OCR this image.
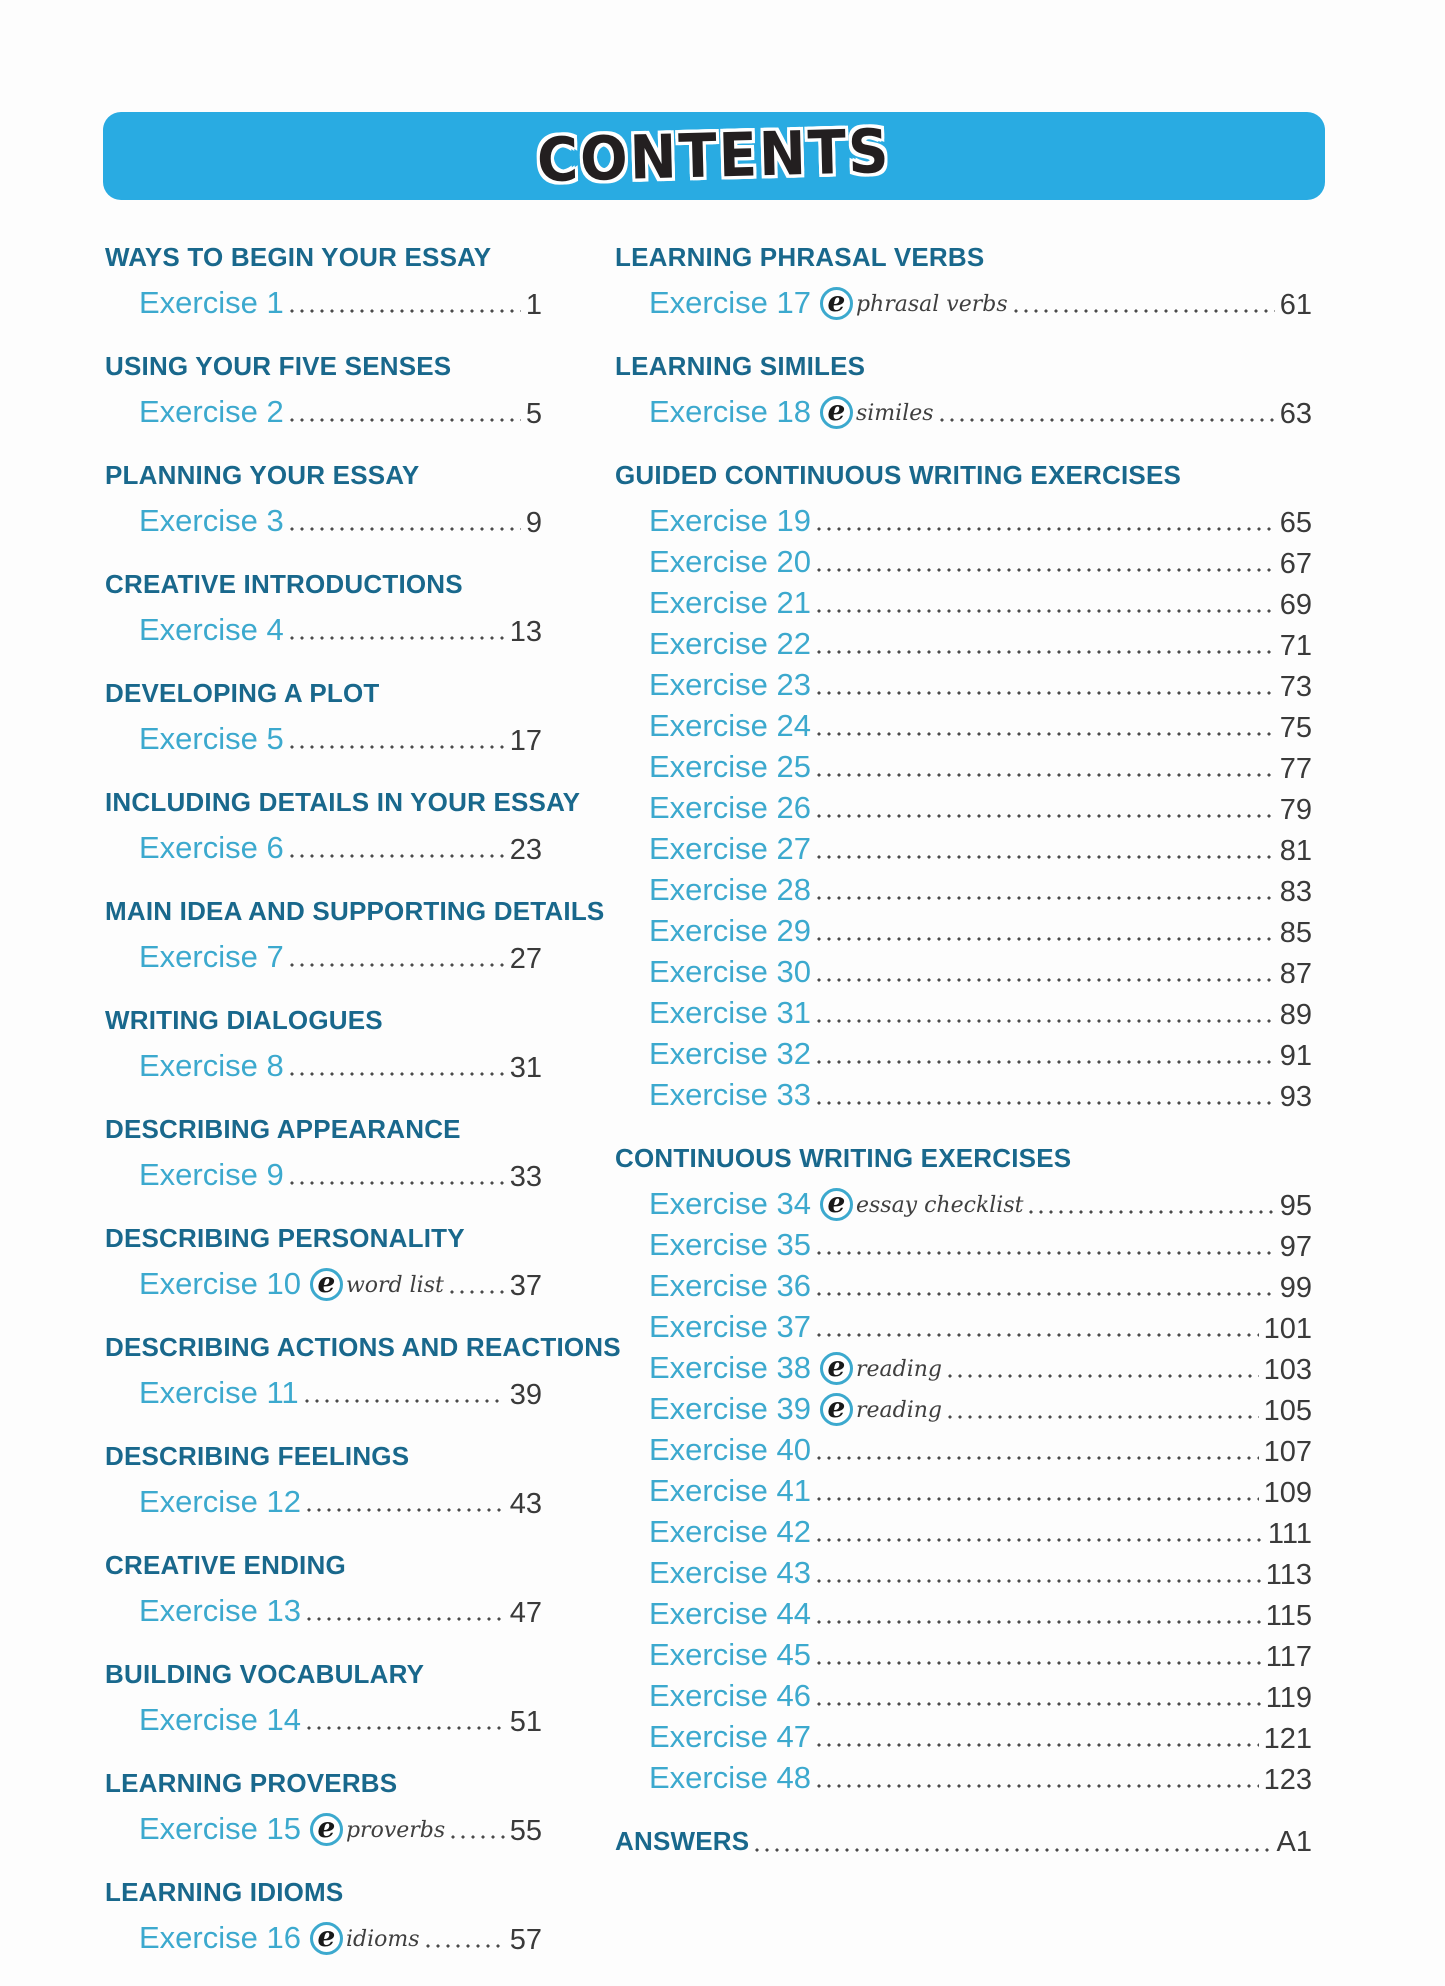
CONTENTS
WAYS TO BEGIN YOUR ESSAY
Exercise 1	1
USING YOUR FIVE SENSES
Exercise 2	5
PLANNING YOUR ESSAY
Exercise 3	9
CREATIVE INTRODUCTIONS
Exercise 4	13
DEVELOPING A PLOT
Exercise 5	17
INCLUDING DETAILS IN YOUR ESSAY
Exercise 6	23
MAIN IDEA AND SUPPORTING DETAILS
Exercise 7	27
WRITING DIALOGUES
Exercise 8	31
DESCRIBING APPEARANCE
Exercise 9	33
DESCRIBING PERSONALITY
Exercise 10 e word list 37
DESCRIBING ACTIONS AND REACTIONS
Exercise 11	39
DESCRIBING FEELINGS
Exercise 12	43
CREATIVE ENDING
Exercise 13	47
BUILDING VOCABULARY
Exercise 14	51
LEARNING PROVERBS
Exercise 15 e proverbs 55
LEARNING IDIOMS
Exercise 16 e idioms	57
LEARNING PHRASAL VERBS
Exercise 17 e phrasal verbs	61
LEARNING SIMILES
Exercise 18 e similes	63
GUIDED CONTINUOUS WRITING EXERCISES
Exercise 19	65
Exercise 20	67
Exercise 21	69
Exercise 22	71
Exercise 23	73
Exercise 24	75
Exercise 25	77
Exercise 26	79
Exercise 27	81
Exercise 28	83
Exercise 29	85
Exercise 30	87
Exercise 31	89
Exercise 32	91
Exercise 33	93
CONTINUOUS WRITING EXERCISES
Exercise 34 e essay checklist	95
Exercise 35	97
Exercise 36	99
Exercise 37	101
Exercise 38 e reading	103
Exercise 39 e reading	105
Exercise 40	107
Exercise 41	109
Exercise 42	111
Exercise 43	113
Exercise 44	115
Exercise 45	117
Exercise 46	119
Exercise 47	121
Exercise 48	123
ANSWERS	A1
